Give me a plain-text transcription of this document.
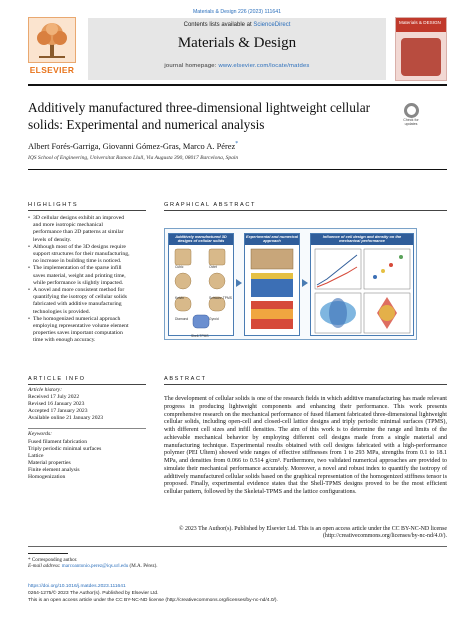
Materials & Design 226 (2023) 111641
ELSEVIER
Contents lists available at ScienceDirect
Materials & Design
journal homepage: www.elsevier.com/locate/matdes
Materials & DESIGN
Additively manufactured three-dimensional lightweight cellular solids: Experimental and numerical analysis	Check for updates
Albert Forés-Garriga, Giovanni Gómez-Gras, Marco A. Pérez*
IQS School of Engineering, Universitat Ramon Llull, Via Augusta 390, 08017 Barcelona, Spain
HIGHLIGHTS
• 3D cellular designs exhibit an improved and more isotropic mechanical performance than 2D patterns at similar levels of density.
• Although most of the 3D designs require support structures for their manufacturing, no increase in building time is noticed.
• The implementation of the sparse infill saves material, weight and printing time, while performance is slightly impacted.
• A novel and more consistent method for quantifying the isotropy of cellular solids fabricated with additive manufacturing technologies is provided.
• The homogenized numerical approach employing representative volume element properties saves important computation time with enough accuracy.
GRAPHICAL ABSTRACT
Additively manufactured 3D designs of cellular solids
Cubic	Octet
Kelvin	Schwarz-TPMS
Diamond	Gyroid
Shell-TPMS
Experimental and numerical approach
Influence of cell design and density on the mechanical performance
ARTICLE INFO
Article history:
Received 17 July 2022
Revised 16 January 2023
Accepted 17 January 2023
Available online 21 January 2023
Keywords:
Fused filament fabrication
Triply periodic minimal surfaces
Lattice
Material properties
Finite element analysis
Homogenization
ABSTRACT
The development of cellular solids is one of the research fields in which additive manufacturing has made relevant progress in producing lightweight components and enhancing their performance. This work presents comprehensive research on the mechanical performance of fused filament fabricated three-dimensional lightweight cellular solids, including open-cell and closed-cell lattice designs and triply periodic minimal surfaces (TPMS), with different cell sizes and infill densities. The aim of this work is to determine the range and limits of the achievable mechanical behavior by employing different cell designs made from a single material and manufacturing technique. Experimental results obtained with cell designs fabricated with a high-performance polymer (PEI Ultem) showed wide ranges of effective stiffnesses from 1 to 293 MPa, strengths from 0.1 to 18.1 MPa, and densities from 0.066 to 0.514 g/cm³. Furthermore, two validated numerical approaches are provided to simulate their mechanical performance accurately. Moreover, a novel and robust index to quantify the isotropy of additively manufactured cellular solids based on the graphical representation of the homogenized stiffness tensor is proposed. Finally, experimental evidence states that the Shell-TPMS designs proved to be the most efficient cellular pattern, followed by the Skeletal-TPMS and the lattice configurations.
© 2023 The Author(s). Published by Elsevier Ltd. This is an open access article under the CC BY-NC-ND license (http://creativecommons.org/licenses/by-nc-nd/4.0/).
* Corresponding author.
E-mail address: marcoantonio.perez@iqs.url.edu (M.A. Pérez).
https://doi.org/10.1016/j.matdes.2023.111641
0264-1275/© 2023 The Author(s). Published by Elsevier Ltd.
This is an open access article under the CC BY-NC-ND license (http://creativecommons.org/licenses/by-nc-nd/4.0/).
